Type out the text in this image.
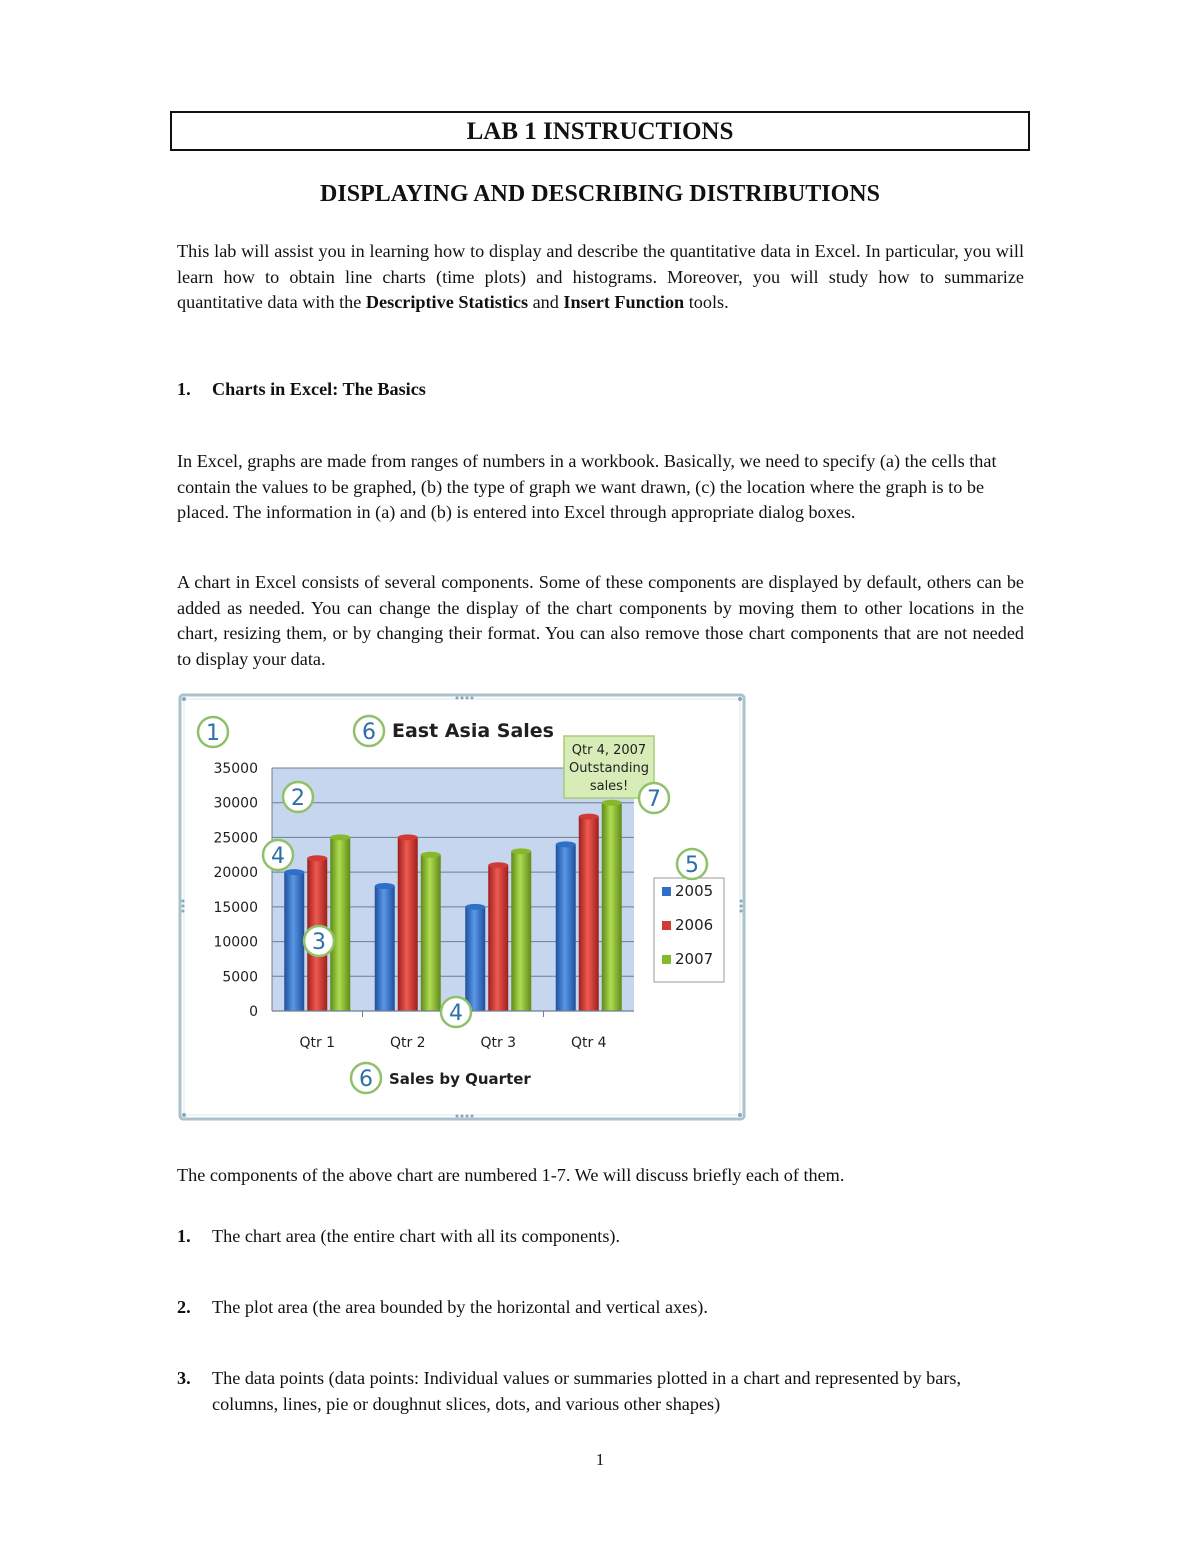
LAB 1 INSTRUCTIONS
DISPLAYING AND DESCRIBING DISTRIBUTIONS

This lab will assist you in learning how to display and describe the quantitative data in Excel. In particular, you will learn how to obtain line charts (time plots) and histograms. Moreover, you will study how to summarize quantitative data with the Descriptive Statistics and Insert Function tools.

1. Charts in Excel: The Basics

In Excel, graphs are made from ranges of numbers in a workbook. Basically, we need to specify (a) the cells that contain the values to be graphed, (b) the type of graph we want drawn, (c) the location where the graph is to be placed. The information in (a) and (b) is entered into Excel through appropriate dialog boxes.

A chart in Excel consists of several components. Some of these components are displayed by default, others can be added as needed. You can change the display of the chart components by moving them to other locations in the chart, resizing them, or by changing their format. You can also remove those chart components that are not needed to display your data.

35000
30000
25000
20000
15000
10000
5000
0
Qtr 1	Qtr 2	Qtr 3	Qtr 4
East Asia Sales
Sales by Quarter
Qtr 4, 2007
Outstanding
sales!
2005
2006
2007
1
2
3
4
4
5
6
6
7

The components of the above chart are numbered 1-7. We will discuss briefly each of them.

1. The chart area (the entire chart with all its components).
2. The plot area (the area bounded by the horizontal and vertical axes).
3. The data points (data points: Individual values or summaries plotted in a chart and represented by bars, columns, lines, pie or doughnut slices, dots, and various other shapes)
1
